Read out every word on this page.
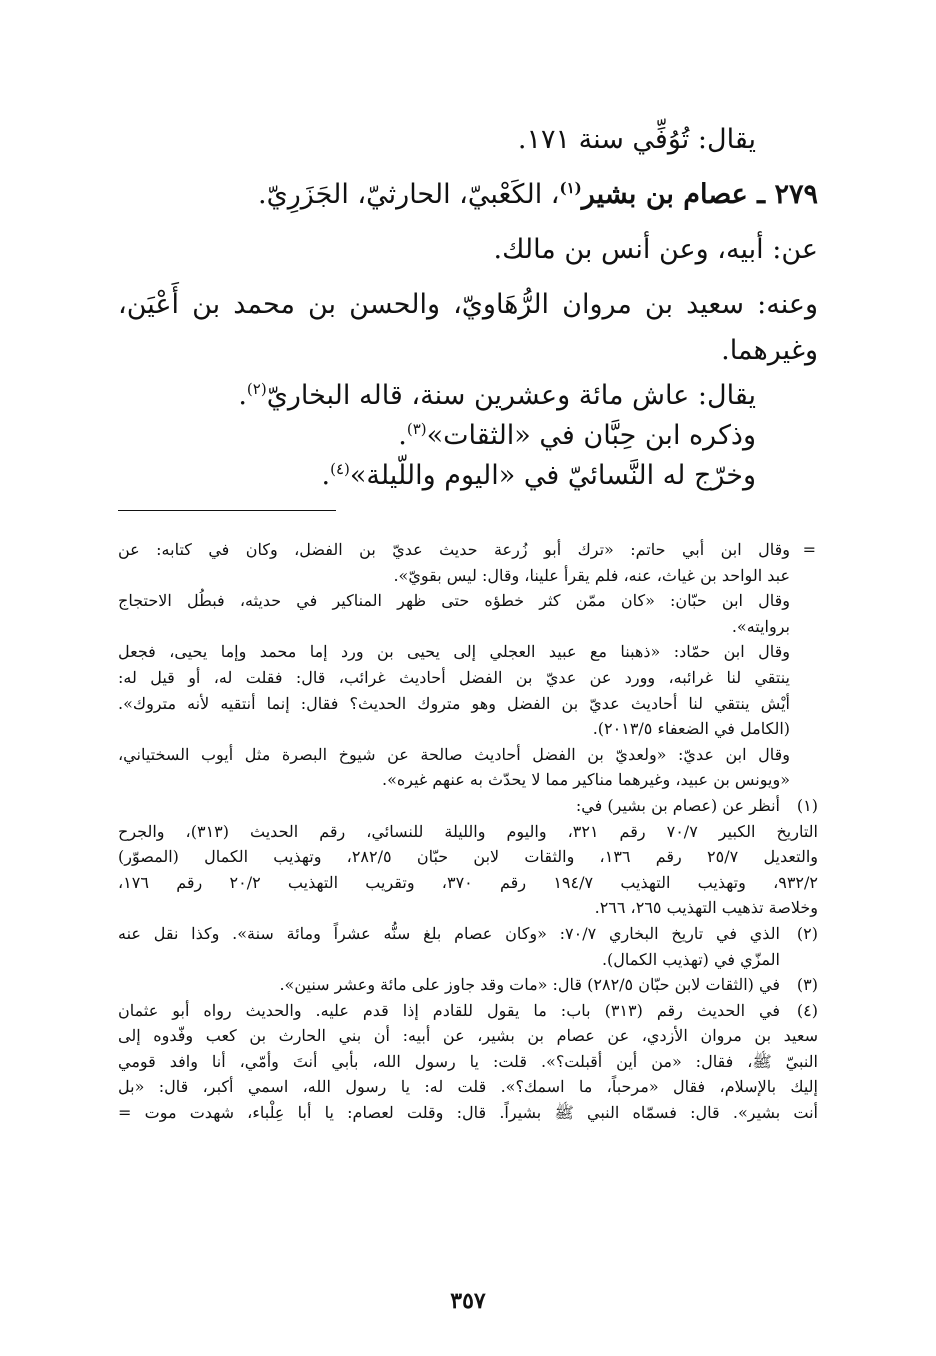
يقال: تُوُفِّي سنة ١٧١.

٢٧٩ ـ عصام بن بشير$^{(١)}$، الكَعْبيّ، الحارثيّ، الجَزَرِيّ.

عن: أبيه، وعن أنس بن مالك.

وعنه: سعيد بن مروان الرُّهَاويّ، والحسن بن محمد بن أَعْيَن،

وغيرهما.

يقال: عاش مائة وعشرين سنة، قاله البخاريّ$^{(٢)}$.

وذكره ابن حِبَّان في «الثقات»$^{(٣)}$.

وخرّج له النَّسائيّ في «اليوم واللّيلة»$^{(٤)}$.

=
وقال ابن أبي حاتم: «ترك أبو زُرعة حديث عديّ بن الفضل، وكان في كتابه: عن
عبد الواحد بن غياث، عنه، فلم يقرأ علينا، وقال: ليس بقويّ».
وقال ابن حبّان: «كان ممّن كثر خطؤه حتى ظهر المناكير في حديثه، فبطُل الاحتجاج
بروايته».
وقال ابن حمّاد: «ذهبنا مع عبيد العجلي إلى يحيى بن ورد إما محمد وإما يحيى، فجعل
ينتقي لنا غرائبه، وورد عن عديّ بن الفضل أحاديث غرائب، قال: فقلت له، أو قيل له:
أيْش ينتقي لنا أحاديث عديّ بن الفضل وهو متروك الحديث؟ فقال: إنما أنتقيه لأنه متروك».
(الكامل في الضعفاء ٢٠١٣/٥).
وقال ابن عديّ: «ولعديّ بن الفضل أحاديث صالحة عن شيوخ البصرة مثل أيوب السختياني،
«ويونس بن عبيد، وغيرهما مناكير مما لا يحدّث به عنهم غيره».
(١)
أنظر عن (عصام بن بشير) في:
التاريخ الكبير ٧٠/٧ رقم ٣٢١، واليوم والليلة للنسائي، رقم الحديث (٣١٣)، والجرح
والتعديل ٢٥/٧ رقم ١٣٦، والثقات لابن حبّان ٢٨٢/٥، وتهذيب الكمال (المصوّر)
٩٣٢/٢، وتهذيب التهذيب ١٩٤/٧ رقم ٣٧٠، وتقريب التهذيب ٢٠/٢ رقم ١٧٦،
وخلاصة تذهيب التهذيب ٢٦٥، ٢٦٦.
(٢)
الذي في تاريخ البخاري ٧٠/٧: «وكان عصام بلغ سنُّه عشراً ومائة سنة». وكذا نقل عنه
المزّي في (تهذيب الكمال).
(٣)
في (الثقات لابن حبّان ٢٨٢/٥) قال: «مات وقد جاوز على مائة وعشر سنين».
(٤)
في الحديث رقم (٣١٣) باب: ما يقول للقادم إذا قدم عليه. والحديث رواه أبو عثمان
سعيد بن مروان الأزدي، عن عصام بن بشير، عن أبيه: أن بني الحارث بن كعب وفّدوه إلى
النبيّ ﷺ، فقال: «من أين أقبلت؟». قلت: يا رسول الله، بأبي أنتَ وأمّي، أنا وافد قومي
إليك بالإسلام، فقال «مرحباً، ما اسمك؟». قلت له: يا رسول الله، اسمي أكبر، قال: «بل
أنت بشير». قال: فسمّاه النبي ﷺ بشيراً. قال: وقلت لعصام: يا أبا عِلْباء، شهدت موت =
٣٥٧
